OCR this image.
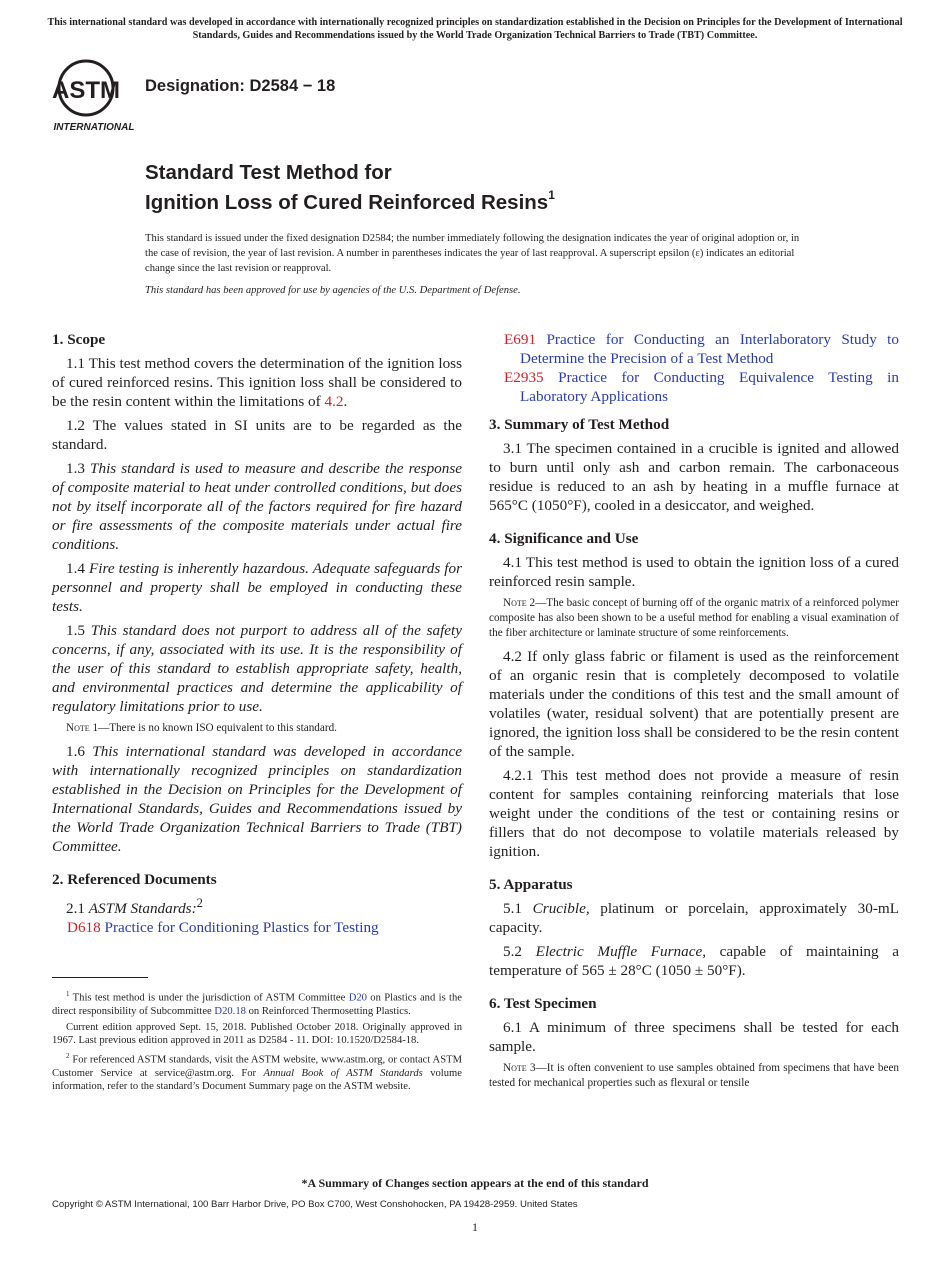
This international standard was developed in accordance with internationally recognized principles on standardization established in the Decision on Principles for the Development of International Standards, Guides and Recommendations issued by the World Trade Organization Technical Barriers to Trade (TBT) Committee.
ASTM
INTERNATIONAL
Designation: D2584 − 18
Standard Test Method for
Ignition Loss of Cured Reinforced Resins$^1$
This standard is issued under the fixed designation D2584; the number immediately following the designation indicates the year of original adoption or, in the case of revision, the year of last revision. A number in parentheses indicates the year of last reapproval. A superscript epsilon (ε) indicates an editorial change since the last revision or reapproval.
This standard has been approved for use by agencies of the U.S. Department of Defense.
1. Scope
1.1 This test method covers the determination of the ignition loss of cured reinforced resins. This ignition loss shall be considered to be the resin content within the limitations of 4.2.
1.2 The values stated in SI units are to be regarded as the standard.
1.3 This standard is used to measure and describe the response of composite material to heat under controlled conditions, but does not by itself incorporate all of the factors required for fire hazard or fire assessments of the composite materials under actual fire conditions.
1.4 Fire testing is inherently hazardous. Adequate safeguards for personnel and property shall be employed in conducting these tests.
1.5 This standard does not purport to address all of the safety concerns, if any, associated with its use. It is the responsibility of the user of this standard to establish appropriate safety, health, and environmental practices and determine the applicability of regulatory limitations prior to use.
Note 1—There is no known ISO equivalent to this standard.
1.6 This international standard was developed in accordance with internationally recognized principles on standardization established in the Decision on Principles for the Development of International Standards, Guides and Recommendations issued by the World Trade Organization Technical Barriers to Trade (TBT) Committee.
2. Referenced Documents
2.1 ASTM Standards:$^2$
D618 Practice for Conditioning Plastics for Testing
E691 Practice for Conducting an Interlaboratory Study to Determine the Precision of a Test Method
E2935 Practice for Conducting Equivalence Testing in Laboratory Applications
3. Summary of Test Method
3.1 The specimen contained in a crucible is ignited and allowed to burn until only ash and carbon remain. The carbonaceous residue is reduced to an ash by heating in a muffle furnace at 565°C (1050°F), cooled in a desiccator, and weighed.
4. Significance and Use
4.1 This test method is used to obtain the ignition loss of a cured reinforced resin sample.
Note 2—The basic concept of burning off of the organic matrix of a reinforced polymer composite has also been shown to be a useful method for enabling a visual examination of the fiber architecture or laminate structure of some reinforcements.
4.2 If only glass fabric or filament is used as the reinforcement of an organic resin that is completely decomposed to volatile materials under the conditions of this test and the small amount of volatiles (water, residual solvent) that are potentially present are ignored, the ignition loss shall be considered to be the resin content of the sample.
4.2.1 This test method does not provide a measure of resin content for samples containing reinforcing materials that lose weight under the conditions of the test or containing resins or fillers that do not decompose to volatile materials released by ignition.
5. Apparatus
5.1 Crucible, platinum or porcelain, approximately 30-mL capacity.
5.2 Electric Muffle Furnace, capable of maintaining a temperature of 565 ± 28°C (1050 ± 50°F).
6. Test Specimen
6.1 A minimum of three specimens shall be tested for each sample.
Note 3—It is often convenient to use samples obtained from specimens that have been tested for mechanical properties such as flexural or tensile
$^1$ This test method is under the jurisdiction of ASTM Committee D20 on Plastics and is the direct responsibility of Subcommittee D20.18 on Reinforced Thermosetting Plastics.
Current edition approved Sept. 15, 2018. Published October 2018. Originally approved in 1967. Last previous edition approved in 2011 as D2584 - 11. DOI: 10.1520/D2584-18.
$^2$ For referenced ASTM standards, visit the ASTM website, www.astm.org, or contact ASTM Customer Service at service@astm.org. For Annual Book of ASTM Standards volume information, refer to the standard’s Document Summary page on the ASTM website.
*A Summary of Changes section appears at the end of this standard
Copyright © ASTM International, 100 Barr Harbor Drive, PO Box C700, West Conshohocken, PA 19428-2959. United States
1
